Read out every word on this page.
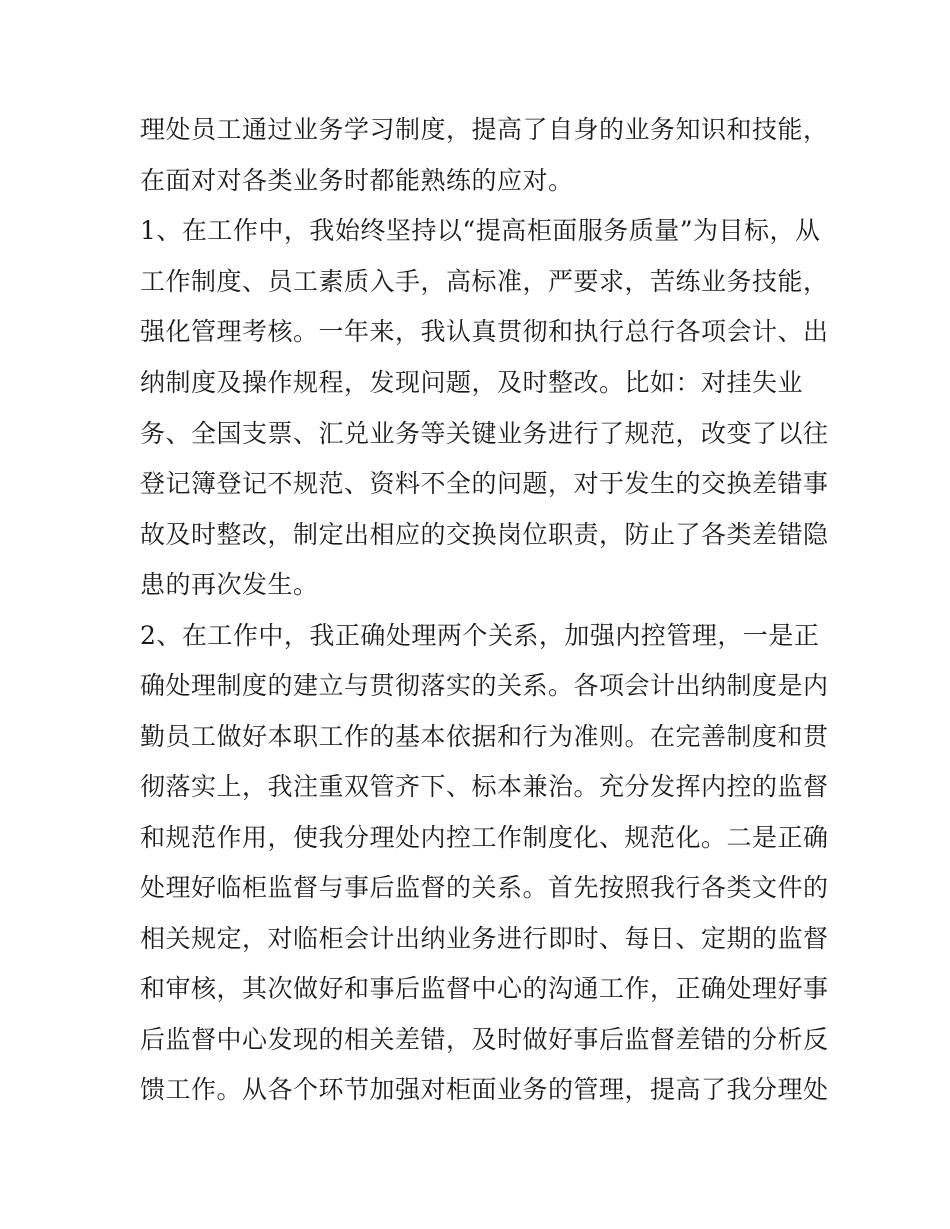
理处员工通过业务学习制度，提高了自身的业务知识和技能，
在面对对各类业务时都能熟练的应对。
1、在工作中，我始终坚持以“提高柜面服务质量”为目标，从
工作制度、员工素质入手，高标准，严要求，苦练业务技能，
强化管理考核。一年来，我认真贯彻和执行总行各项会计、出
纳制度及操作规程，发现问题，及时整改。比如：对挂失业
务、全国支票、汇兑业务等关键业务进行了规范，改变了以往
登记簿登记不规范、资料不全的问题，对于发生的交换差错事
故及时整改，制定出相应的交换岗位职责，防止了各类差错隐
患的再次发生。
2、在工作中，我正确处理两个关系，加强内控管理，一是正
确处理制度的建立与贯彻落实的关系。各项会计出纳制度是内
勤员工做好本职工作的基本依据和行为准则。在完善制度和贯
彻落实上，我注重双管齐下、标本兼治。充分发挥内控的监督
和规范作用，使我分理处内控工作制度化、规范化。二是正确
处理好临柜监督与事后监督的关系。首先按照我行各类文件的
相关规定，对临柜会计出纳业务进行即时、每日、定期的监督
和审核，其次做好和事后监督中心的沟通工作，正确处理好事
后监督中心发现的相关差错，及时做好事后监督差错的分析反
馈工作。从各个环节加强对柜面业务的管理，提高了我分理处
